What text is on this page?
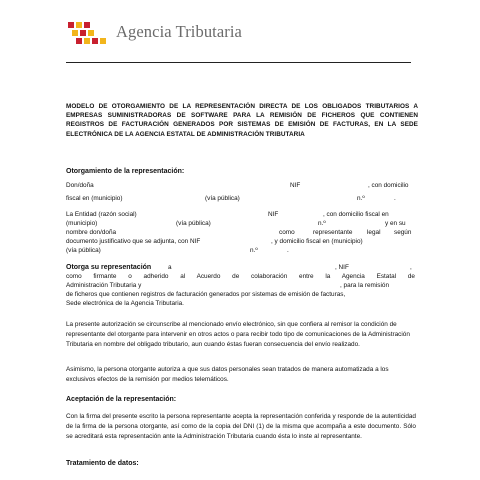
Agencia Tributaria
MODELO DE OTORGAMIENTO DE LA REPRESENTACIÓN DIRECTA DE LOS OBLIGADOS TRIBUTARIOS A EMPRESAS SUMINISTRADORAS DE SOFTWARE PARA LA REMISIÓN DE FICHEROS QUE CONTIENEN REGISTROS DE FACTURACIÓN GENERADOS POR SISTEMAS DE EMISIÓN DE FACTURAS, EN LA SEDE ELECTRÓNICA DE LA AGENCIA ESTATAL DE ADMINISTRACIÓN TRIBUTARIA
Otorgamiento de la representación:
Don/doña	NIF	, con domicilio
fiscal en (municipio)	(vía pública)	n.º	.
La Entidad (razón social)	NIF	, con domicilio fiscal en
(municipio)	(vía pública)	n.º	y en su
nombre don/doña	como	representante legal según
documento justificativo que se adjunta, con NIF	, y domicilio fiscal en (municipio)
(vía pública)	n.º	.
Otorga su representación	a	, NIF	,
como firmante o adherido al Acuerdo de colaboración entre la Agencia Estatal de
Administración Tributaria y	, para la remisión
de ficheros que contienen registros de facturación generados por sistemas de emisión de facturas,
Sede electrónica de la Agencia Tributaria.
La presente autorización se circunscribe al mencionado envío electrónico, sin que confiera al remisor la condición de representante del otorgante para intervenir en otros actos o para recibir todo tipo de comunicaciones de la Administración Tributaria en nombre del obligado tributario, aun cuando éstas fueran consecuencia del envío realizado.
Asimismo, la persona otorgante autoriza a que sus datos personales sean tratados de manera automatizada a los exclusivos efectos de la remisión por medios telemáticos.
Aceptación de la representación:
Con la firma del presente escrito la persona representante acepta la representación conferida y responde de la autenticidad de la firma de la persona otorgante, así como de la copia del DNI (1) de la misma que acompaña a este documento. Sólo se acreditará esta representación ante la Administración Tributaria cuando ésta lo inste al representante.
Tratamiento de datos:
